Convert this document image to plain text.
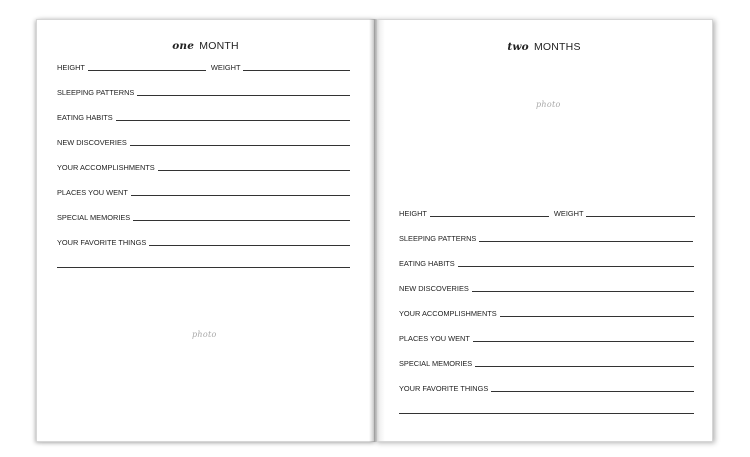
one MONTH
HEIGHT	WEIGHT
SLEEPING PATTERNS
EATING HABITS
NEW DISCOVERIES
YOUR ACCOMPLISHMENTS
PLACES YOU WENT
SPECIAL MEMORIES
YOUR FAVORITE THINGS
photo
two MONTHS
photo
HEIGHT	WEIGHT
SLEEPING PATTERNS
EATING HABITS
NEW DISCOVERIES
YOUR ACCOMPLISHMENTS
PLACES YOU WENT
SPECIAL MEMORIES
YOUR FAVORITE THINGS
